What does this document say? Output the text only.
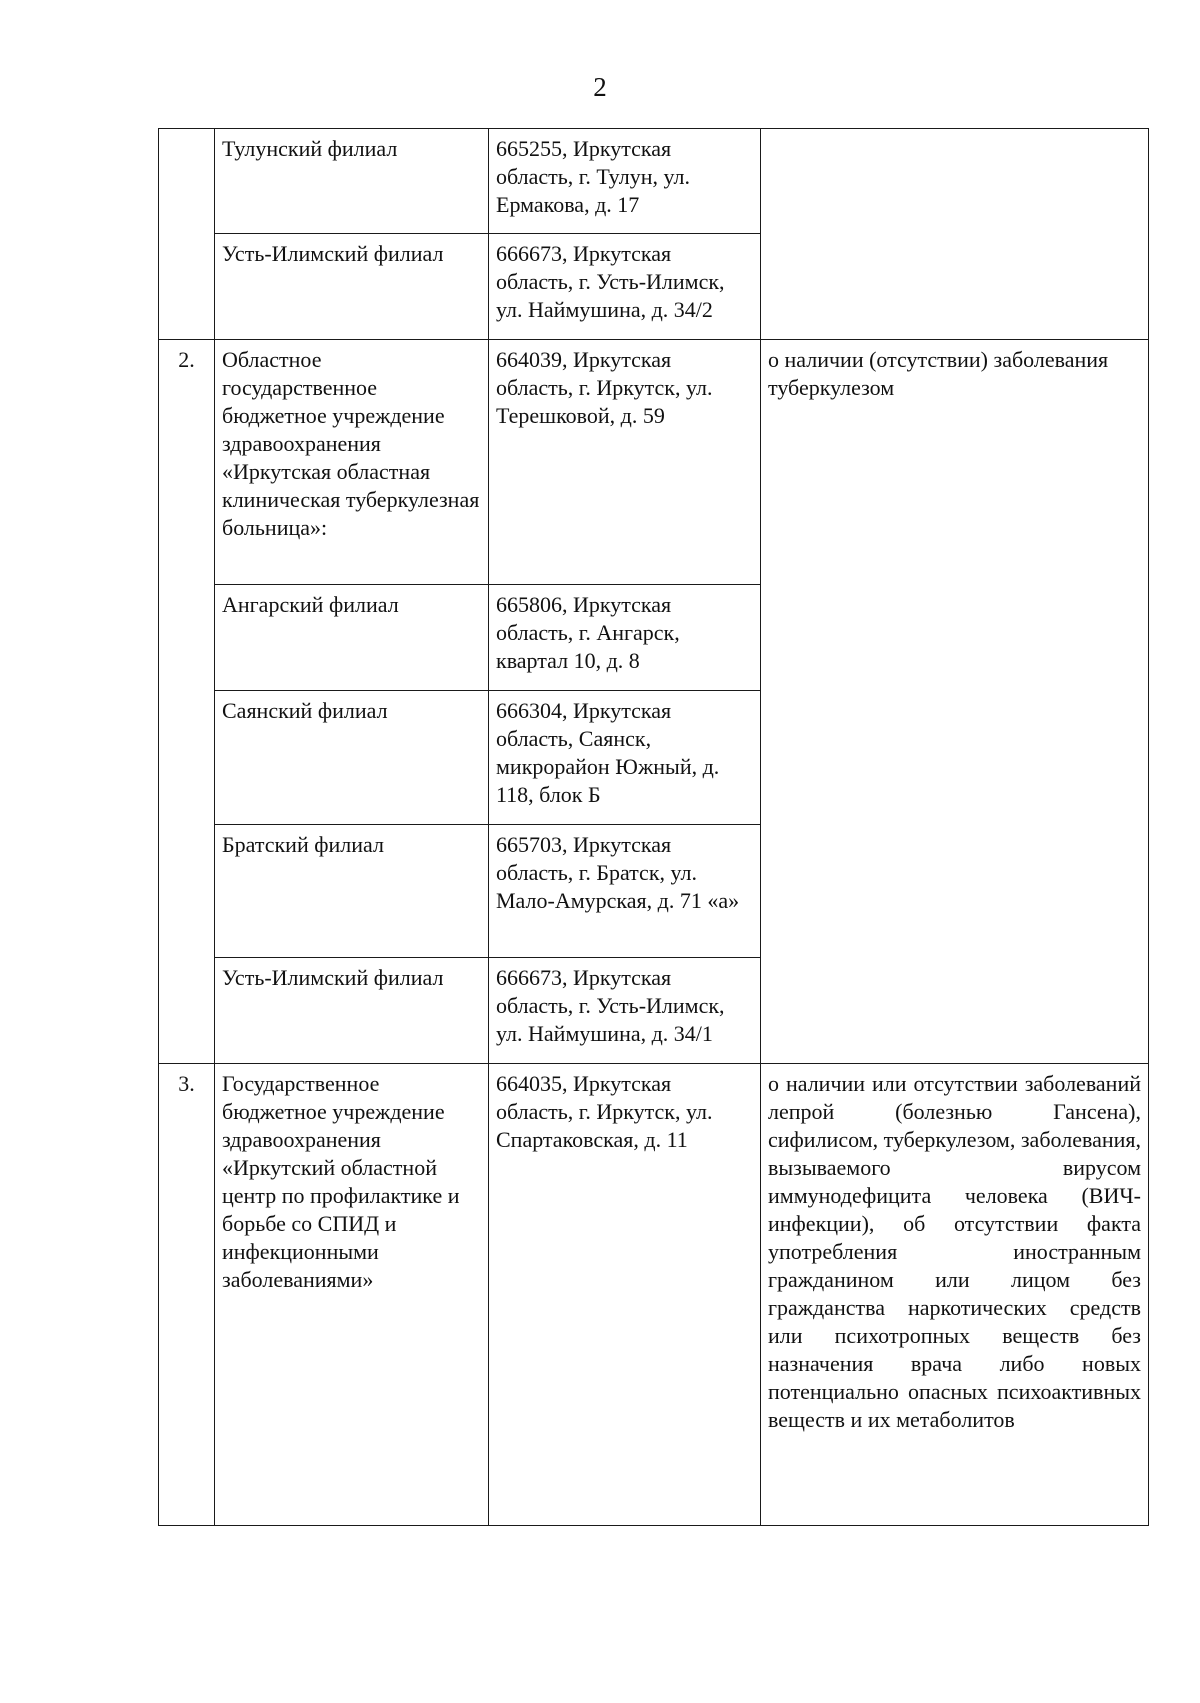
2
	Тулунский филиал	665255, Иркутская область, г. Тулун, ул. Ермакова, д. 17	
	Усть-Илимский филиал	666673, Иркутская область, г. Усть-Илимск, ул. Наймушина, д. 34/2	
2.	Областное государственное бюджетное учреждение здравоохранения «Иркутская областная клиническая туберкулезная больница»:	664039, Иркутская область, г. Иркутск, ул. Терешковой, д. 59	о наличии (отсутствии) заболевания туберкулезом
	Ангарский филиал	665806, Иркутская область, г. Ангарск, квартал 10, д. 8	
	Саянский филиал	666304, Иркутская область, Саянск, микрорайон Южный, д. 118, блок Б	
	Братский филиал	665703, Иркутская область, г. Братск, ул. Мало-Амурская, д. 71 «а»	
	Усть-Илимский филиал	666673, Иркутская область, г. Усть-Илимск, ул. Наймушина, д. 34/1	
3.	Государственное бюджетное учреждение здравоохранения «Иркутский областной центр по профилактике и борьбе со СПИД и инфекционными заболеваниями»	664035, Иркутская область, г. Иркутск, ул. Спартаковская, д. 11	о наличии или отсутствии заболеваний лепрой (болезнью Гансена), сифилисом, туберкулезом, заболевания, вызываемого вирусом иммунодефицита человека (ВИЧ-инфекции), об отсутствии факта употребления иностранным гражданином или лицом без гражданства наркотических средств или психотропных веществ без назначения врача либо новых потенциально опасных психоактивных веществ и их метаболитов
